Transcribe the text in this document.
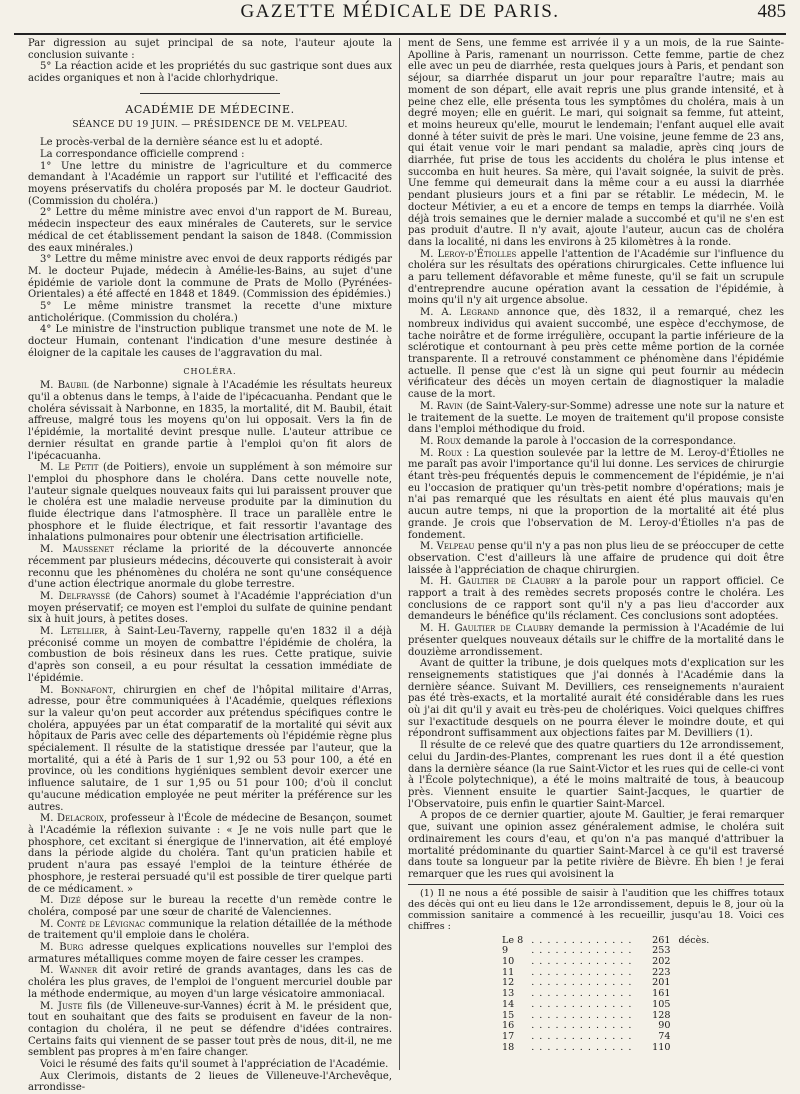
GAZETTE MÉDICALE DE PARIS.	485

Par digression au sujet principal de sa note, l'auteur ajoute la conclusion suivante :

5° La réaction acide et les propriétés du suc gastrique sont dues aux acides organiques et non à l'acide chlorhydrique.

ACADÉMIE DE MÉDECINE.
SÉANCE DU 19 JUIN. — PRÉSIDENCE DE M. VELPEAU.

Le procès-verbal de la dernière séance est lu et adopté.

La correspondance officielle comprend :

1° Une lettre du ministre de l'agriculture et du commerce demandant à l'Académie un rapport sur l'utilité et l'efficacité des moyens préservatifs du choléra proposés par M. le docteur Gaudriot. (Commission du choléra.)

2° Lettre du même ministre avec envoi d'un rapport de M. Bureau, médecin inspecteur des eaux minérales de Cauterets, sur le service médical de cet établissement pendant la saison de 1848. (Commission des eaux minérales.)

3° Lettre du même ministre avec envoi de deux rapports rédigés par M. le docteur Pujade, médecin à Amélie-les-Bains, au sujet d'une épidémie de variole dont la commune de Prats de Mollo (Pyrénées-Orientales) a été affecté en 1848 et 1849. (Commission des épidémies.)

5° Le même ministre transmet la recette d'une mixture anticholérique. (Commission du choléra.)

4° Le ministre de l'instruction publique transmet une note de M. le docteur Humain, contenant l'indication d'une mesure destinée à éloigner de la capitale les causes de l'aggravation du mal.

CHOLÉRA.

M. Baubil (de Narbonne) signale à l'Académie les résultats heureux qu'il a obtenus dans le temps, à l'aide de l'ipécacuanha. Pendant que le choléra sévissait à Narbonne, en 1835, la mortalité, dit M. Baubil, était affreuse, malgré tous les moyens qu'on lui opposait. Vers la fin de l'épidémie, la mortalité devint presque nulle. L'auteur attribue ce dernier résultat en grande partie à l'emploi qu'on fit alors de l'ipécacuanha.

M. Le Petit (de Poitiers), envoie un supplément à son mémoire sur l'emploi du phosphore dans le choléra. Dans cette nouvelle note, l'auteur signale quelques nouveaux faits qui lui paraissent prouver que le choléra est une maladie nerveuse produite par la diminution du fluide électrique dans l'atmosphère. Il trace un parallèle entre le phosphore et le fluide électrique, et fait ressortir l'avantage des inhalations pulmonaires pour obtenir une électrisation artificielle.

M. Maussenet réclame la priorité de la découverte annoncée récemment par plusieurs médecins, découverte qui consisterait à avoir reconnu que les phénomènes du choléra ne sont qu'une conséquence d'une action électrique anormale du globe terrestre.

M. Delfrayssé (de Cahors) soumet à l'Académie l'appréciation d'un moyen préservatif; ce moyen est l'emploi du sulfate de quinine pendant six à huit jours, à petites doses.

M. Letellier, à Saint-Leu-Taverny, rappelle qu'en 1832 il a déjà préconisé comme un moyen de combattre l'épidémie de choléra, la combustion de bois résineux dans les rues. Cette pratique, suivie d'après son conseil, a eu pour résultat la cessation immédiate de l'épidémie.

M. Bonnafont, chirurgien en chef de l'hôpital militaire d'Arras, adresse, pour être communiquées à l'Académie, quelques réflexions sur la valeur qu'on peut accorder aux prétendus spécifiques contre le choléra, appuyées par un état comparatif de la mortalité qui sévit aux hôpitaux de Paris avec celle des départements où l'épidémie règne plus spécialement. Il résulte de la statistique dressée par l'auteur, que la mortalité, qui a été à Paris de 1 sur 1,92 ou 53 pour 100, a été en province, où les conditions hygiéniques semblent devoir exercer une influence salutaire, de 1 sur 1,95 ou 51 pour 100; d'où il conclut qu'aucune médication employée ne peut mériter la préférence sur les autres.

M. Delacroix, professeur à l'École de médecine de Besançon, soumet à l'Académie la réflexion suivante : « Je ne vois nulle part que le phosphore, cet excitant si énergique de l'innervation, ait été employé dans la période algide du choléra. Tant qu'un praticien habile et prudent n'aura pas essayé l'emploi de la teinture éthérée de phosphore, je resterai persuadé qu'il est possible de tirer quelque parti de ce médicament. »

M. Dizé dépose sur le bureau la recette d'un remède contre le choléra, composé par une sœur de charité de Valenciennes.

M. Conté de Lévignac communique la relation détaillée de la méthode de traitement qu'il emploie dans le choléra.

M. Burg adresse quelques explications nouvelles sur l'emploi des armatures métalliques comme moyen de faire cesser les crampes.

M. Wanner dit avoir retiré de grands avantages, dans les cas de choléra les plus graves, de l'emploi de l'onguent mercuriel double par la méthode endermique, au moyen d'un large vésicatoire ammoniacal.

M. Juste fils (de Villeneuve-sur-Vannes) écrit à M. le président que, tout en souhaitant que des faits se produisent en faveur de la non-contagion du choléra, il ne peut se défendre d'idées contraires. Certains faits qui viennent de se passer tout près de nous, dit-il, ne me semblent pas propres à m'en faire changer.

Voici le résumé des faits qu'il soumet à l'appréciation de l'Académie.

Aux Clerimois, distants de 2 lieues de Villeneuve-l'Archevêque, arrondisse-

ment de Sens, une femme est arrivée il y a un mois, de la rue Sainte-Apolline à Paris, ramenant un nourrisson. Cette femme, partie de chez elle avec un peu de diarrhée, resta quelques jours à Paris, et pendant son séjour, sa diarrhée disparut un jour pour reparaître l'autre; mais au moment de son départ, elle avait repris une plus grande intensité, et à peine chez elle, elle présenta tous les symptômes du choléra, mais à un degré moyen; elle en guérit. Le mari, qui soignait sa femme, fut atteint, et moins heureux qu'elle, mourut le lendemain; l'enfant auquel elle avait donné à téter suivit de près le mari. Une voisine, jeune femme de 23 ans, qui était venue voir le mari pendant sa maladie, après cinq jours de diarrhée, fut prise de tous les accidents du choléra le plus intense et succomba en huit heures. Sa mère, qui l'avait soignée, la suivit de près. Une femme qui demeurait dans la même cour a eu aussi la diarrhée pendant plusieurs jours et a fini par se rétablir. Le médecin, M. le docteur Métivier, a eu et a encore de temps en temps la diarrhée. Voilà déjà trois semaines que le dernier malade a succombé et qu'il ne s'en est pas produit d'autre. Il n'y avait, ajoute l'auteur, aucun cas de choléra dans la localité, ni dans les environs à 25 kilomètres à la ronde.

M. Leroy-d'Étiolles appelle l'attention de l'Académie sur l'influence du choléra sur les résultats des opérations chirurgicales. Cette influence lui a paru tellement défavorable et même funeste, qu'il se fait un scrupule d'entreprendre aucune opération avant la cessation de l'épidémie, à moins qu'il n'y ait urgence absolue.

M. A. Legrand annonce que, dès 1832, il a remarqué, chez les nombreux individus qui avaient succombé, une espèce d'ecchymose, de tache noirâtre et de forme irrégulière, occupant la partie inférieure de la sclérotique et contournant à peu près cette même portion de la cornée transparente. Il a retrouvé constamment ce phénomène dans l'épidémie actuelle. Il pense que c'est là un signe qui peut fournir au médecin vérificateur des décès un moyen certain de diagnostiquer la maladie cause de la mort.

M. Ravin (de Saint-Valery-sur-Somme) adresse une note sur la nature et le traitement de la suette. Le moyen de traitement qu'il propose consiste dans l'emploi méthodique du froid.

M. Roux demande la parole à l'occasion de la correspondance.

M. Roux : La question soulevée par la lettre de M. Leroy-d'Étiolles ne me paraît pas avoir l'importance qu'il lui donne. Les services de chirurgie étant très-peu fréquentés depuis le commencement de l'épidémie, je n'ai eu l'occasion de pratiquer qu'un très-petit nombre d'opérations; mais je n'ai pas remarqué que les résultats en aient été plus mauvais qu'en aucun autre temps, ni que la proportion de la mortalité ait été plus grande. Je crois que l'observation de M. Leroy-d'Étiolles n'a pas de fondement.

M. Velpeau pense qu'il n'y a pas non plus lieu de se préoccuper de cette observation. C'est d'ailleurs là une affaire de prudence qui doit être laissée à l'appréciation de chaque chirurgien.

M. H. Gaultier de Claubry a la parole pour un rapport officiel. Ce rapport a trait à des remèdes secrets proposés contre le choléra. Les conclusions de ce rapport sont qu'il n'y a pas lieu d'accorder aux demandeurs le bénéfice qu'ils réclament. Ces conclusions sont adoptées.

M. H. Gaultier de Claubry demande la permission à l'Académie de lui présenter quelques nouveaux détails sur le chiffre de la mortalité dans le douzième arrondissement.

Avant de quitter la tribune, je dois quelques mots d'explication sur les renseignements statistiques que j'ai donnés à l'Académie dans la dernière séance. Suivant M. Devilliers, ces renseignements n'auraient pas été très-exacts, et la mortalité aurait été considérable dans les rues où j'ai dit qu'il y avait eu très-peu de cholériques. Voici quelques chiffres sur l'exactitude desquels on ne pourra élever le moindre doute, et qui répondront suffisamment aux objections faites par M. Devilliers (1).

Il résulte de ce relevé que des quatre quartiers du 12e arrondissement, celui du Jardin-des-Plantes, comprenant les rues dont il a été question dans la dernière séance (la rue Saint-Victor et les rues qui de celle-ci vont à l'École polytechnique), a été le moins maltraité de tous, à beaucoup près. Viennent ensuite le quartier Saint-Jacques, le quartier de l'Observatoire, puis enfin le quartier Saint-Marcel.

A propos de ce dernier quartier, ajoute M. Gaultier, je ferai remarquer que, suivant une opinion assez généralement admise, le choléra suit ordinairement les cours d'eau, et qu'on n'a pas manqué d'attribuer la mortalité prédominante du quartier Saint-Marcel à ce qu'il est traversé dans toute sa longueur par la petite rivière de Bièvre. Eh bien ! je ferai remarquer que les rues qui avoisinent la

(1) Il ne nous a été possible de saisir à l'audition que les chiffres totaux des décès qui ont eu lieu dans le 12e arrondissement, depuis le 8, jour où la commission sanitaire a commencé à les recueillir, jusqu'au 18. Voici ces chiffres :

Le 8	. . . . . . . . . . . . .	261	décès.
9	. . . . . . . . . . . . .	253	
10	. . . . . . . . . . . . .	202	
11	. . . . . . . . . . . . .	223	
12	. . . . . . . . . . . . .	201	
13	. . . . . . . . . . . . .	161	
14	. . . . . . . . . . . . .	105	
15	. . . . . . . . . . . . .	128	
16	. . . . . . . . . . . . .	90	
17	. . . . . . . . . . . . .	74	
18	. . . . . . . . . . . . .	110	
